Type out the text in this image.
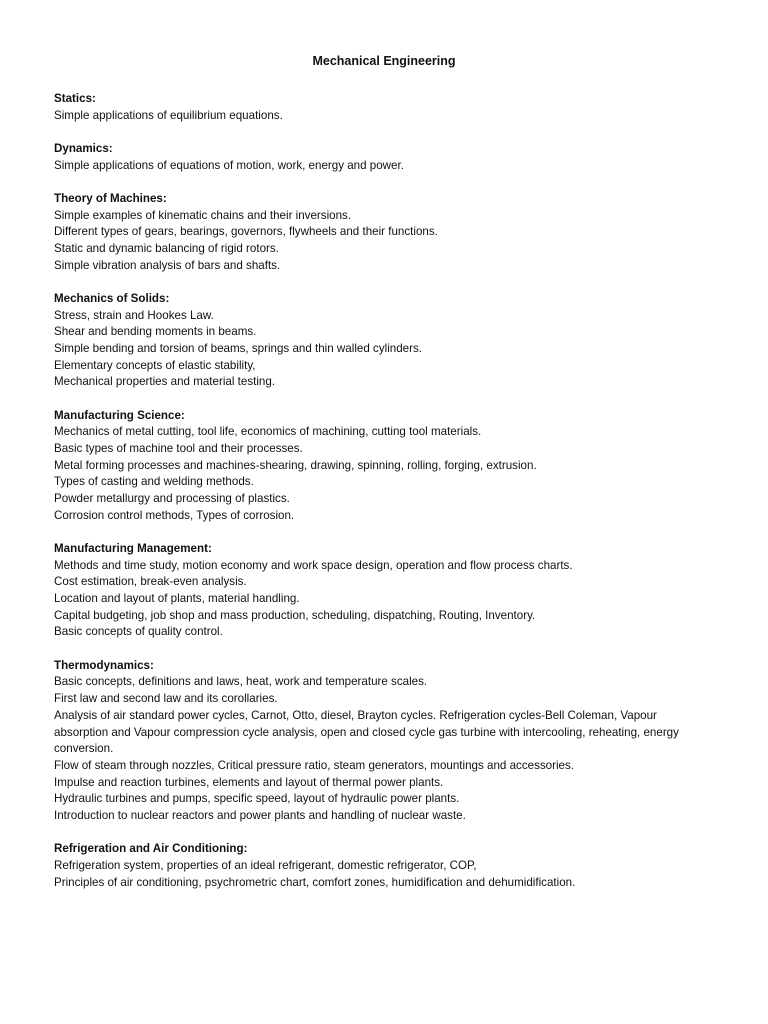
Mechanical Engineering
Statics:
Simple applications of equilibrium equations.
Dynamics:
Simple applications of equations of motion, work, energy and power.
Theory of Machines:
Simple examples of kinematic chains and their inversions.
Different types of gears, bearings, governors, flywheels and their functions.
Static and dynamic balancing of rigid rotors.
Simple vibration analysis of bars and shafts.
Mechanics of Solids:
Stress, strain and Hookes Law.
Shear and bending moments in beams.
Simple bending and torsion of beams, springs and thin walled cylinders.
Elementary concepts of elastic stability,
Mechanical properties and material testing.
Manufacturing Science:
Mechanics of metal cutting, tool life, economics of machining, cutting tool materials.
Basic types of machine tool and their processes.
Metal forming processes and machines-shearing, drawing, spinning, rolling, forging, extrusion.
Types of casting and welding methods.
Powder metallurgy and processing of plastics.
Corrosion control methods, Types of corrosion.
Manufacturing Management:
Methods and time study, motion economy and work space design, operation and flow process charts.
Cost estimation, break-even analysis.
Location and layout of plants, material handling.
Capital budgeting, job shop and mass production, scheduling, dispatching, Routing, Inventory.
Basic concepts of quality control.
Thermodynamics:
Basic concepts, definitions and laws, heat, work and temperature scales.
First law and second law and its corollaries.
Analysis of air standard power cycles, Carnot, Otto, diesel, Brayton cycles. Refrigeration cycles-Bell Coleman, Vapour absorption and Vapour compression cycle analysis, open and closed cycle gas turbine with intercooling, reheating, energy conversion.
Flow of steam through nozzles, Critical pressure ratio, steam generators, mountings and accessories.
Impulse and reaction turbines, elements and layout of thermal power plants.
Hydraulic turbines and pumps, specific speed, layout of hydraulic power plants.
Introduction to nuclear reactors and power plants and handling of nuclear waste.
Refrigeration and Air Conditioning:
Refrigeration system, properties of an ideal refrigerant, domestic refrigerator, COP,
Principles of air conditioning, psychrometric chart, comfort zones, humidification and dehumidification.
